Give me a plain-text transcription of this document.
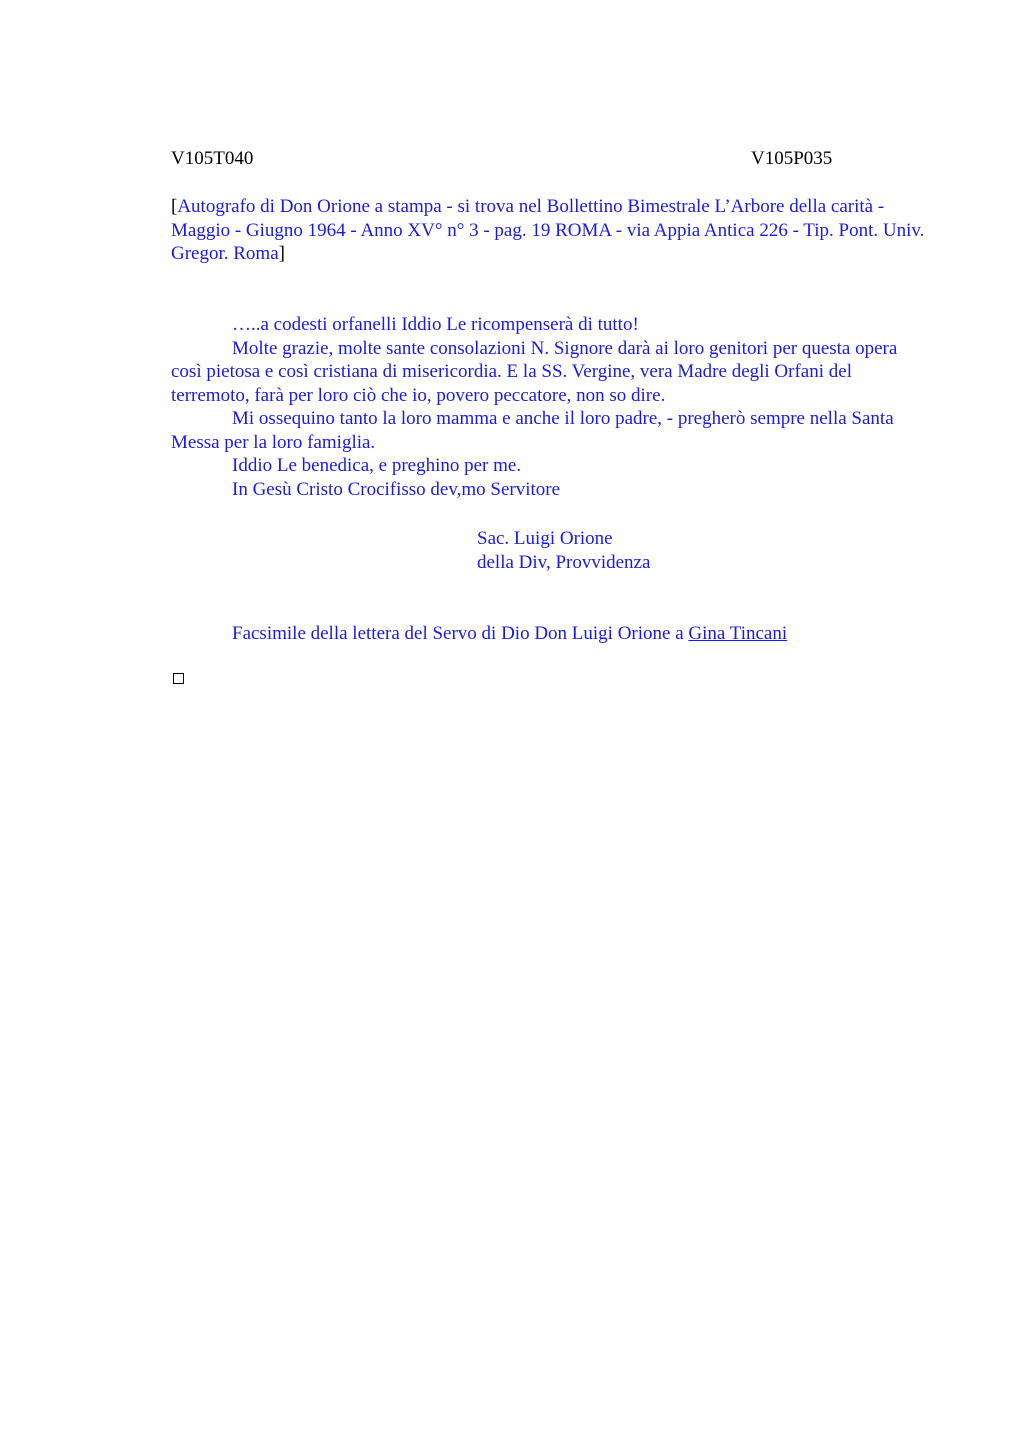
V105T040	V105P035
[Autografo di Don Orione a stampa - si trova nel Bollettino Bimestrale L’Arbore della carità - Maggio - Giugno 1964 - Anno XV° n° 3 - pag. 19 ROMA - via Appia Antica 226 - Tip. Pont. Univ. Gregor. Roma]

…..a codesti orfanelli Iddio Le ricompenserà di tutto!

Molte grazie, molte sante consolazioni N. Signore darà ai loro genitori per questa opera così pietosa e così cristiana di misericordia. E la SS. Vergine, vera Madre degli Orfani del terremoto, farà per loro ciò che io, povero peccatore, non so dire.

Mi ossequino tanto la loro mamma e anche il loro padre, - pregherò sempre nella Santa Messa per la loro famiglia.

Iddio Le benedica, e preghino per me.

In Gesù Cristo Crocifisso dev,mo Servitore

Sac. Luigi Orione
della Div, Provvidenza
Facsimile della lettera del Servo di Dio Don Luigi Orione a Gina Tincani
